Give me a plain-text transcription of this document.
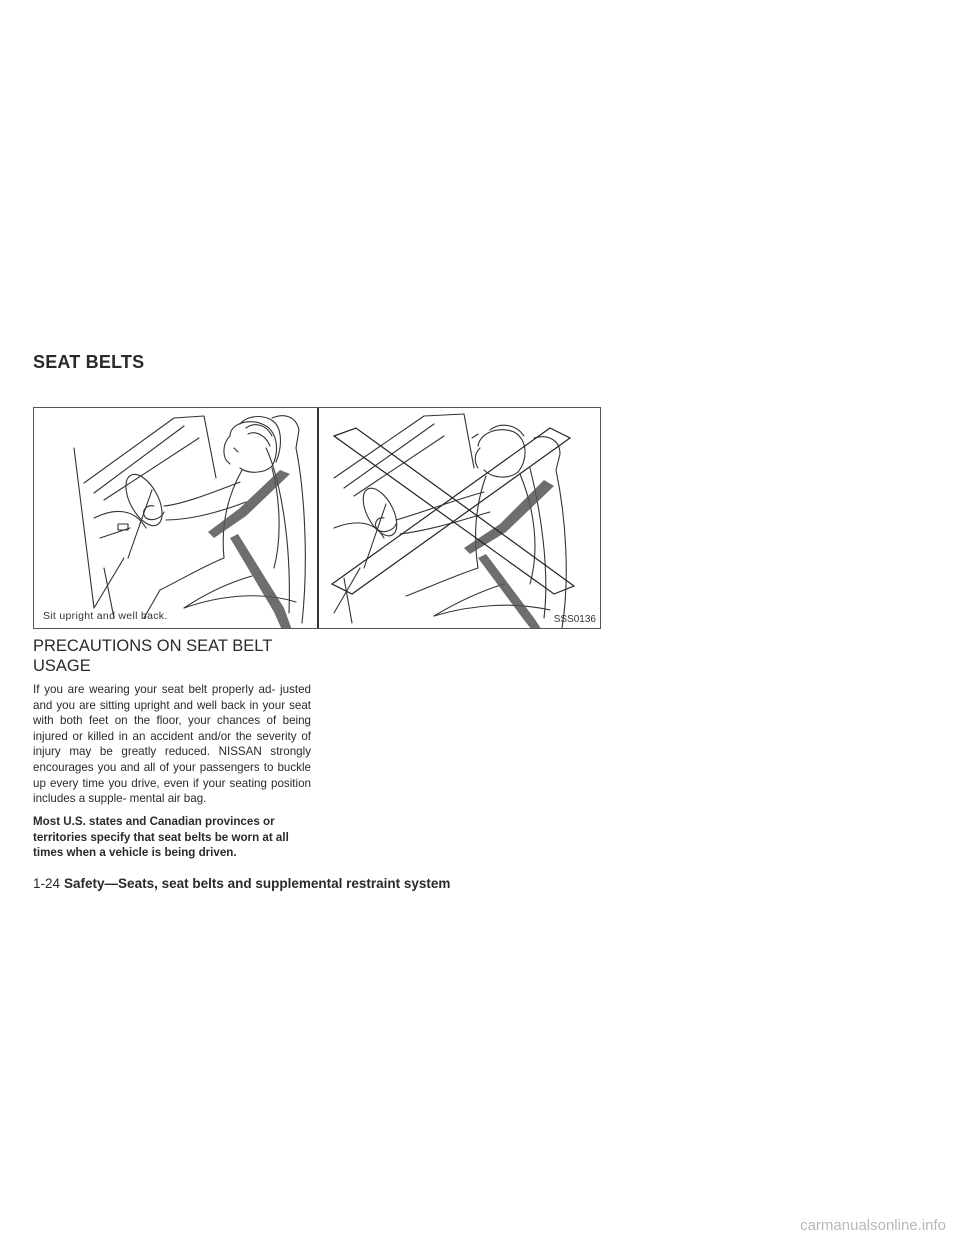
SEAT BELTS
Sit upright and well back.	SSS0136
PRECAUTIONS ON SEAT BELT USAGE

If you are wearing your seat belt properly ad- justed and you are sitting upright and well back in your seat with both feet on the floor, your chances of being injured or killed in an accident and/or the severity of injury may be greatly reduced. NISSAN strongly encourages you and all of your passengers to buckle up every time you drive, even if your seating position includes a supple- mental air bag.

Most U.S. states and Canadian provinces or territories specify that seat belts be worn at all times when a vehicle is being driven.

1-24 Safety—Seats, seat belts and supplemental restraint system
carmanualsonline.info
